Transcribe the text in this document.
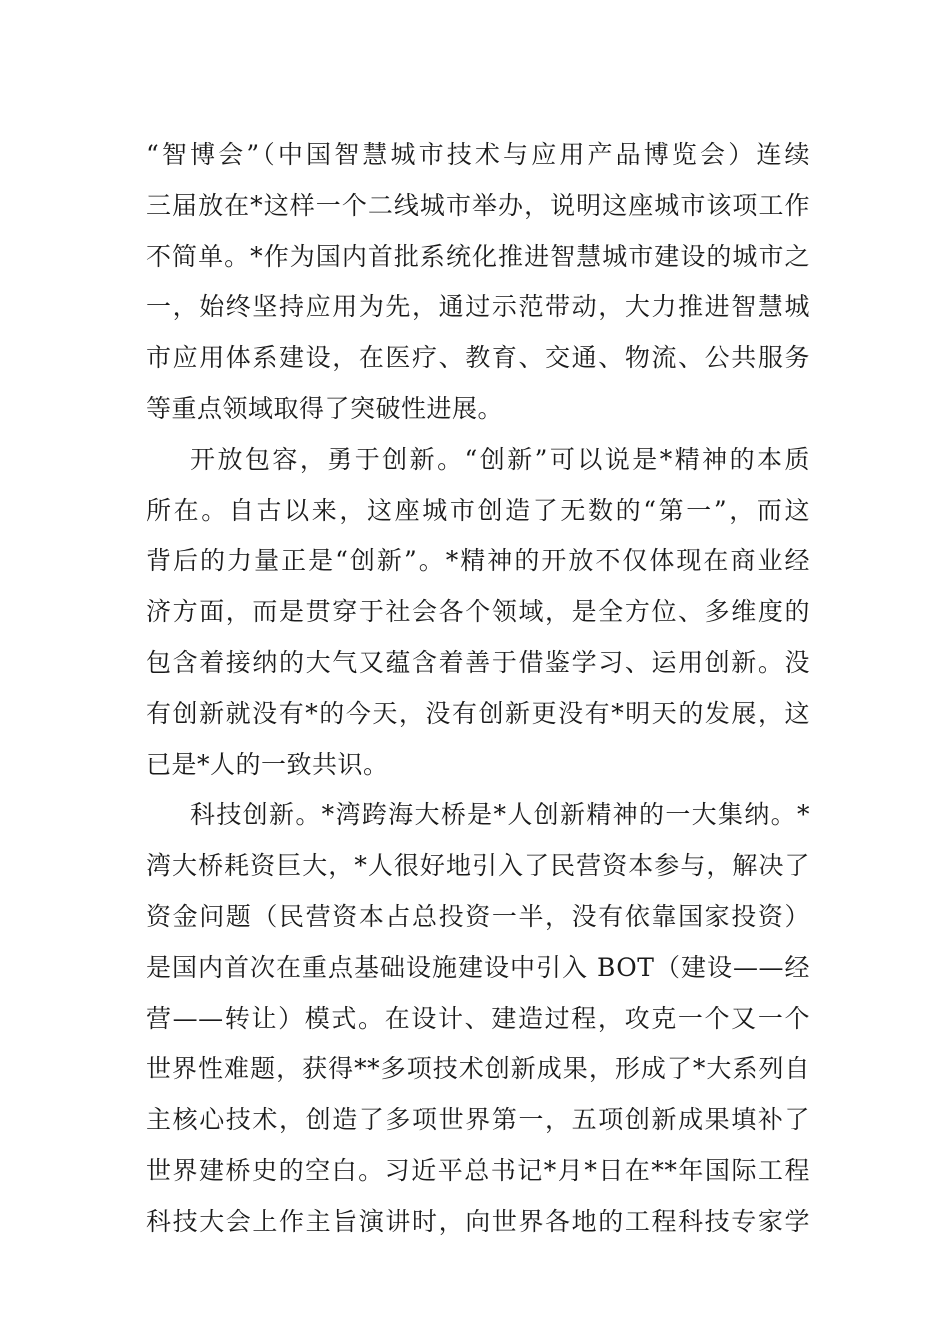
“智博会”（中国智慧城市技术与应用产品博览会）连续
三届放在*这样一个二线城市举办，说明这座城市该项工作
不简单。*作为国内首批系统化推进智慧城市建设的城市之
一，始终坚持应用为先，通过示范带动，大力推进智慧城
市应用体系建设，在医疗、教育、交通、物流、公共服务
等重点领域取得了突破性进展。
开放包容，勇于创新。“创新”可以说是*精神的本质
所在。自古以来，这座城市创造了无数的“第一”，而这
背后的力量正是“创新”。*精神的开放不仅体现在商业经
济方面，而是贯穿于社会各个领域，是全方位、多维度的
包含着接纳的大气又蕴含着善于借鉴学习、运用创新。没
有创新就没有*的今天，没有创新更没有*明天的发展，这
已是*人的一致共识。
科技创新。*湾跨海大桥是*人创新精神的一大集纳。*
湾大桥耗资巨大，*人很好地引入了民营资本参与，解决了
资金问题（民营资本占总投资一半，没有依靠国家投资）
是国内首次在重点基础设施建设中引入 BOT（建设——经
营——转让）模式。在设计、建造过程，攻克一个又一个
世界性难题，获得**多项技术创新成果，形成了*大系列自
主核心技术，创造了多项世界第一，五项创新成果填补了
世界建桥史的空白。习近平总书记*月*日在**年国际工程
科技大会上作主旨演讲时，向世界各地的工程科技专家学
